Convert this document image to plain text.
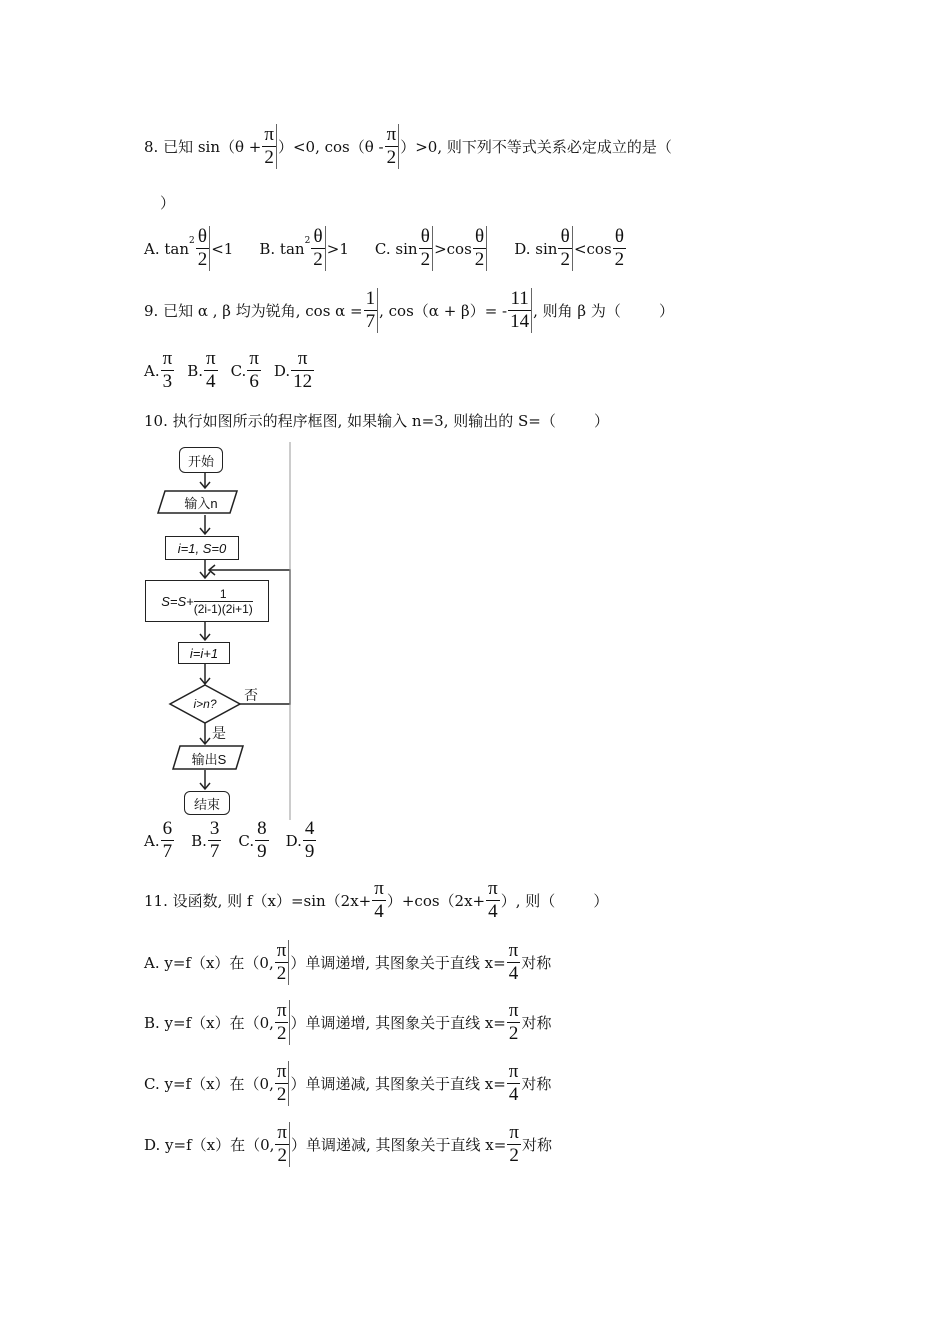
8. 已知 $\sin(\theta + \frac{\pi}{2} )<0$, $\cos(\theta - \frac{\pi}{2} )>0$, 则下列不等式关系必定成立的是（
）
A. $\tan^2 \frac{\theta}{2} <1$ B. $\tan^2 \frac{\theta}{2} >1$ C. $\sin \frac{\theta}{2} >\cos \frac{\theta}{2} D$. $\sin \frac{\theta}{2} <\cos \frac{\theta}{2}$
9. 已知 α , β 均为锐角, $\cos \alpha = \frac{1}{7}$ , $\cos(\alpha + \beta)= - \frac{11}{14}$ , 则角 β 为（        ）
A. $\frac{\pi}{3} B$. $\frac{\pi}{4} C$. $\frac{\pi}{6} D$. $\frac{\pi}{12}$
10. 执行如图所示的程序框图, 如果输入 n=3, 则输出的 S=（        ）
开始
输入n
i=1, S=0
$S=S+ \frac{1}{(2i-1)(2i+1)}$
i=i+1
i>n?
否
是
输出S
结束
A. $\frac{6}{7} B$. $\frac{3}{7} C$. $\frac{8}{9} D$. $\frac{4}{9}$
11. 设函数, 则 $f(x)=\sin(2x+ \frac{\pi}{4} )+\cos(2x+ \frac{\pi}{4}$ ）, 则（        ）
A. y=f（x）在（0, $\frac{\pi}{2}$ ）单调递增, 其图象关于直线 $x= \frac{\pi}{4}$ 对称
B. y=f（x）在（0, $\frac{\pi}{2}$ ）单调递增, 其图象关于直线 $x= \frac{\pi}{2}$ 对称
C. y=f（x）在（0, $\frac{\pi}{2}$ ）单调递减, 其图象关于直线 $x= \frac{\pi}{4}$ 对称
D. y=f（x）在（0, $\frac{\pi}{2}$ ）单调递减, 其图象关于直线 $x= \frac{\pi}{2}$ 对称
